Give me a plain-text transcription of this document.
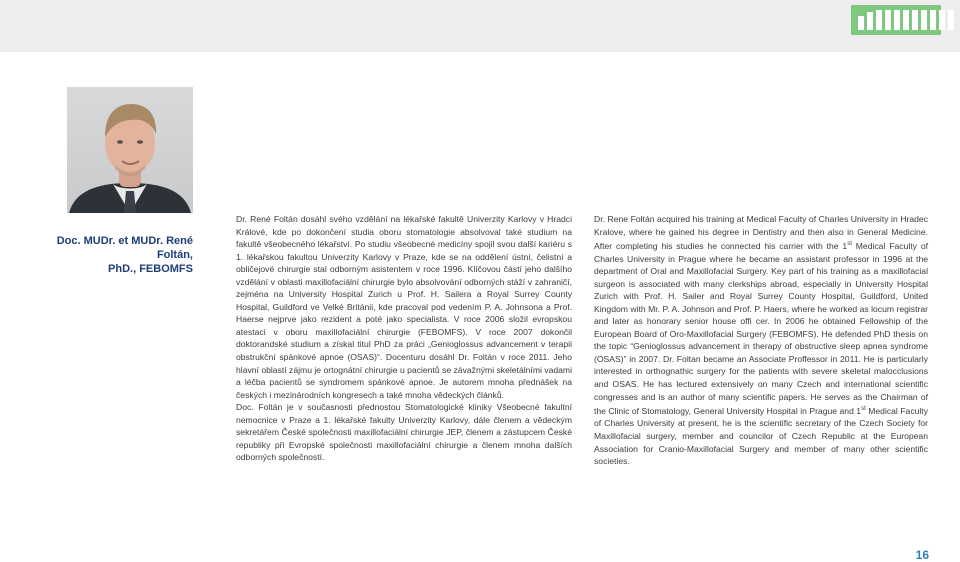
Doc. MUDr. et MUDr. René Foltán,
PhD., FEBOMFS

Dr. René Foltán dosáhl svého vzdělání na lékařské fakultě Univerzity Karlovy v Hradci Králové, kde po dokončení studia oboru stomatologie absolvoval také studium na fakultě všeobecného lékařství. Po studiu všeobecné medicíny spojil svou další kariéru s 1. lékařskou fakultou Univerzity Karlovy v Praze, kde se na oddělení ústní, čelistní a obličejové chirurgie stal odborným asistentem v roce 1996. Klíčovou částí jeho dalšího vzdělání v oblasti maxillofaciální chirurgie bylo absolvování odborných stáží v zahraničí, zejména na University Hospital Zurich u Prof. H. Sailera a Royal Surrey County Hospital, Guildford ve Velké Británii, kde pracoval pod vedením P. A. Johnsona a Prof. Haerse nejprve jako rezident a poté jako specialista. V roce 2006 složil evropskou atestaci v oboru maxillofaciální chirurgie (FEBOMFS). V roce 2007 dokončil doktorandské studium a získal titul PhD za práci „Genioglossus advancement v terapii obstrukční spánkové apnoe (OSAS)“. Docenturu dosáhl Dr. Foltán v roce 2011. Jeho hlavní oblastí zájmu je ortognátní chirurgie u pacientů se závažnými skeletálními vadami a léčba pacientů se syndromem spánkové apnoe. Je autorem mnoha přednášek na českých i mezinárodních kongresech a také mnoha vědeckých článků.

Doc. Foltán je v současnosti přednostou Stomatologické kliniky Všeobecné fakultní nemocnice v Praze a 1. lékařské fakulty Univerzity Karlovy, dále členem a vědeckým sekretářem České společnosti maxillofaciální chirurgie JEP, členem a zástupcem České republiky při Evropské společnosti maxillofaciální chirurgie a členem mnoha dalších odborných společností.

Dr. Rene Foltán acquired his training at Medical Faculty of Charles University in Hradec Kralove, where he gained his degree in Dentistry and then also in General Medicine. After completing his studies he connected his carrier with the 1st Medical Faculty of Charles University in Prague where he became an assistant professor in 1996 at the department of Oral and Maxillofacial Surgery. Key part of his training as a maxillofacial surgeon is associated with many clerkships abroad, especially in University Hospital Zurich with Prof. H. Sailer and Royal Surrey County Hospital, Guildford, United Kingdom with Mr. P. A. Johnson and Prof. P. Haers, where he worked as locum registrar and later as honorary senior house offi cer. In 2006 he obtained Fellowship of the European Board of Oro-Maxillofacial Surgery (FEBOMFS). He defended PhD thesis on the topic “Genioglossus advancement in therapy of obstructive sleep apnea syndrome (OSAS)” in 2007. Dr. Foltan became an Associate Proffessor in 2011. He is particularly interested in orthognathic surgery for the patients with severe skeletal malocclusions and OSAS. He has lectured extensively on many Czech and international scientific congresses and is an author of many scientific papers. He serves as the Chairman of the Clinic of Stomatology, General University Hospital in Prague and 1st Medical Faculty of Charles University at present, he is the scientific secretary of the Czech Society for Maxillofacial surgery, member and councilor of Czech Republic at the European Association for Cranio-Maxillofacial Surgery and member of many other scientific societies.

16
